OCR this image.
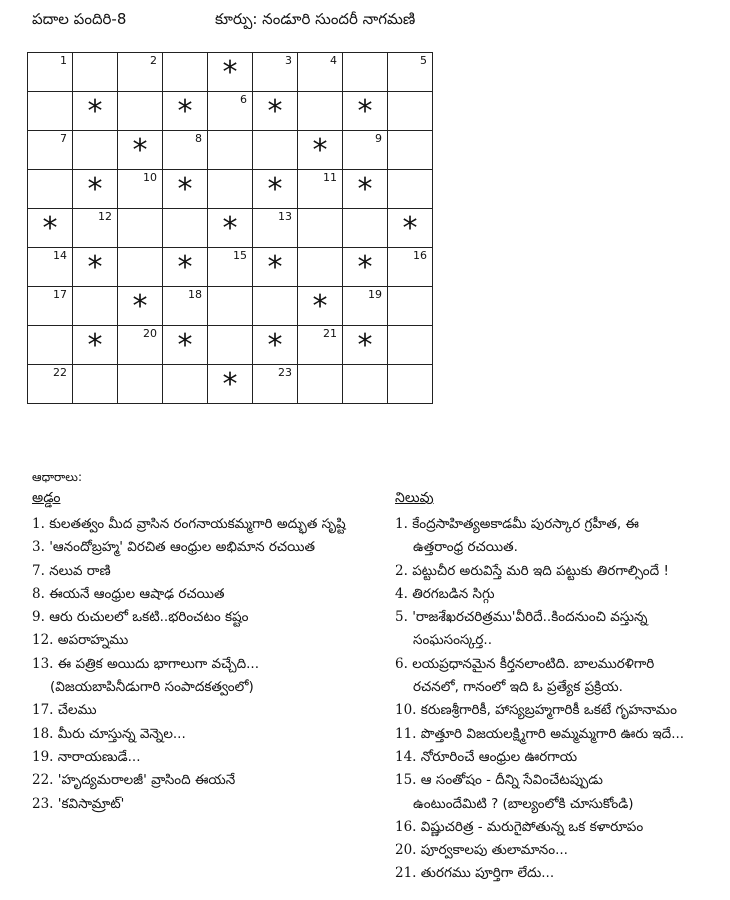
పదాల పందిరి-8	కూర్పు: నండూరి సుందరీ నాగమణి
1		2		*	3	4		5

	*		*	6	*		*	

7		*	8			*	9	

	*	10	*		*	11	*	

*	12			*	13			*

14	*		*	15	*		*	16

17		*	18			*	19	

	*	20	*		*	21	*	

22				*	23			

ఆధారాలు:
అడ్డం
1. కులతత్వం మీద వ్రాసిన రంగనాయకమ్మగారి అద్భుత సృష్టి
3. 'ఆనందోబ్రహ్మ' విరచిత ఆంధ్రుల అభిమాన రచయిత
7. నలువ రాణి
8. ఈయనే ఆంధ్రుల ఆషాఢ రచయిత
9. ఆరు రుచులలో ఒకటి..భరించటం కష్టం
12. అపరాహ్నము
13. ఈ పత్రిక అయిదు భాగాలుగా వచ్చేది...
(విజయబాపినీడుగారి సంపాదకత్వంలో)
17. చేలము
18. మీరు చూస్తున్న వెన్నెల...
19. నారాయణుడే...
22. 'హృద్యమరాలజీ' వ్రాసింది ఈయనే
23. 'కవిసామ్రాట్'
నిలువు
1. కేంద్రసాహిత్యఅకాడమీ పురస్కార గ్రహీత, ఈ
ఉత్తరాంధ్ర రచయిత.
2. పట్టుచీర అరువిస్తే మరి ఇది పట్టుకు తిరగాల్సిందే !
4. తిరగబడిన సిగ్గు
5. 'రాజశేఖరచరిత్రము'వీరిదే..కిందనుంచి వస్తున్న
సంఘసంస్కర్త..
6. లయప్రధానమైన కీర్తనలాంటిది. బాలమురళిగారి
రచనలో, గానంలో ఇది ఓ ప్రత్యేక ప్రక్రియ.
10. కరుణశ్రీగారికీ, హాస్యబ్రహ్మగారికీ ఒకటే గృహనామం
11. పొత్తూరి విజయలక్ష్మిగారి అమ్మమ్మగారి ఊరు ఇదే...
14. నోరూరించే ఆంధ్రుల ఊరగాయ
15. ఆ సంతోషం - దీన్ని సేవించేటప్పుడు
ఉంటుందేమిటి ? (బాల్యంలోకి చూసుకోండి)
16. విష్ణుచరిత్ర - మరుగైపోతున్న ఒక కళారూపం
20. పూర్వకాలపు తులామానం...
21. తురగము పూర్తిగా లేదు...
